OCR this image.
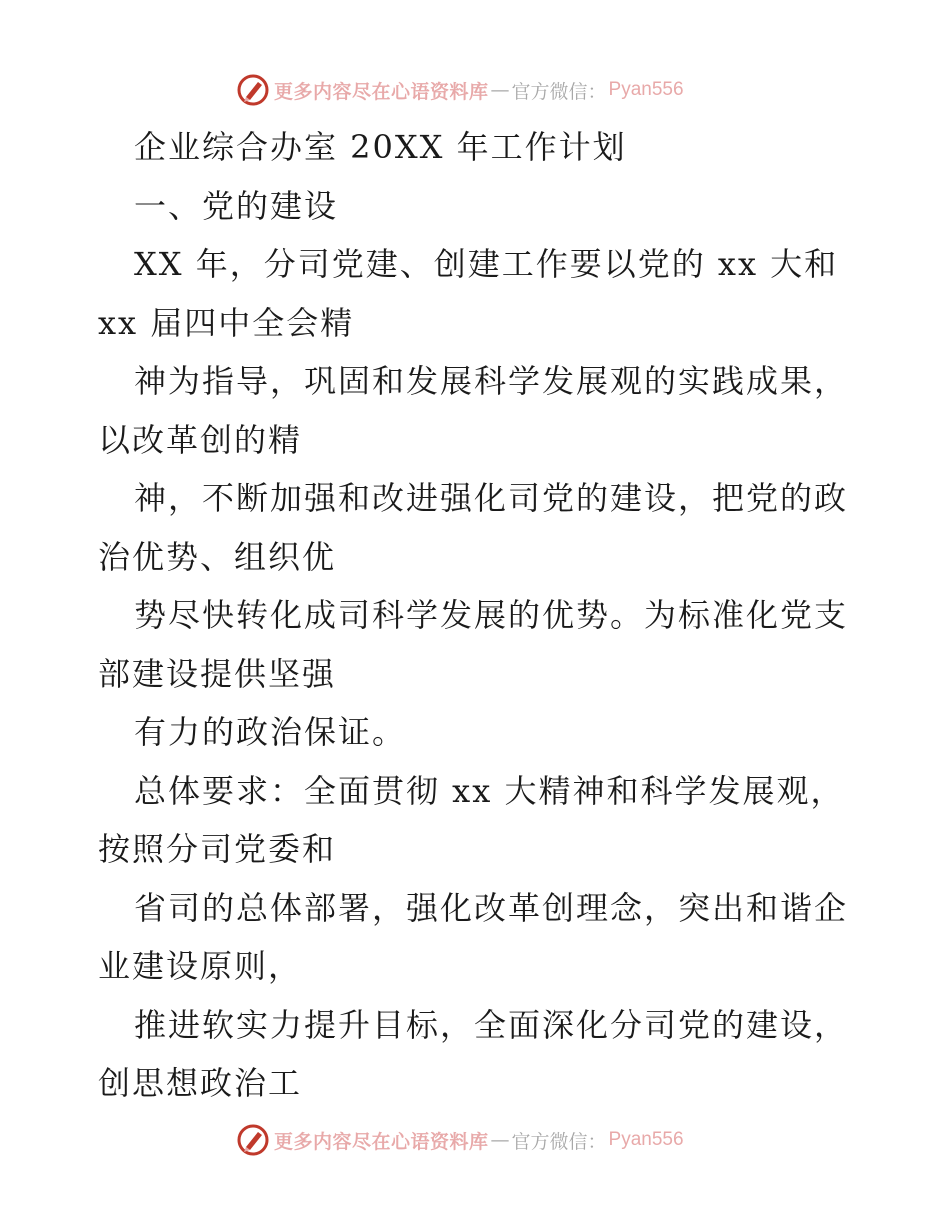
更多内容尽在心语资料库 — 官方微信： Pyan556
企业综合办室 20XX 年工作计划
一、党的建设
XX 年，分司党建、创建工作要以党的 xx 大和
xx 届四中全会精
神为指导，巩固和发展科学发展观的实践成果，
以改革创的精
神，不断加强和改进强化司党的建设，把党的政
治优势、组织优
势尽快转化成司科学发展的优势。为标准化党支
部建设提供坚强
有力的政治保证。
总体要求：全面贯彻 xx 大精神和科学发展观，
按照分司党委和
省司的总体部署，强化改革创理念，突出和谐企
业建设原则，
推进软实力提升目标，全面深化分司党的建设，
创思想政治工
更多内容尽在心语资料库 — 官方微信： Pyan556
